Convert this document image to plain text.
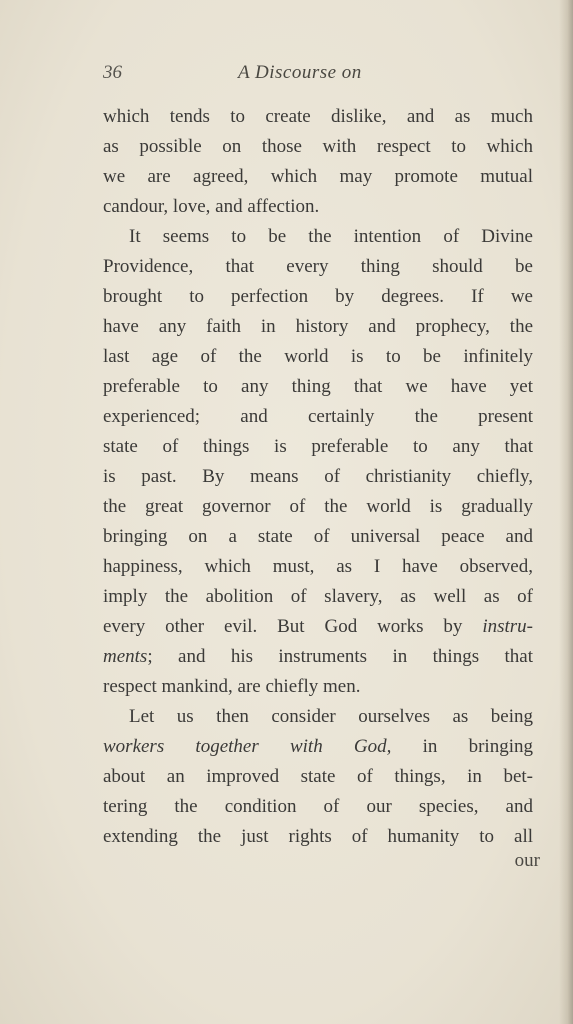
36	A Discourse on
which tends to create dislike, and as much
as possible on those with respect to which
we are agreed, which may promote mutual
candour, love, and affection.
It seems to be the intention of Divine
Providence, that every thing should be
brought to perfection by degrees. If we
have any faith in history and prophecy, the
last age of the world is to be infinitely
preferable to any thing that we have yet
experienced; and certainly the present
state of things is preferable to any that
is past. By means of christianity chiefly,
the great governor of the world is gradually
bringing on a state of universal peace and
happiness, which must, as I have observed,
imply the abolition of slavery, as well as of
every other evil. But God works by instru-
ments; and his instruments in things that
respect mankind, are chiefly men.
Let us then consider ourselves as being
workers together with God, in bringing
about an improved state of things, in bet-
tering the condition of our species, and
extending the just rights of humanity to all
our
